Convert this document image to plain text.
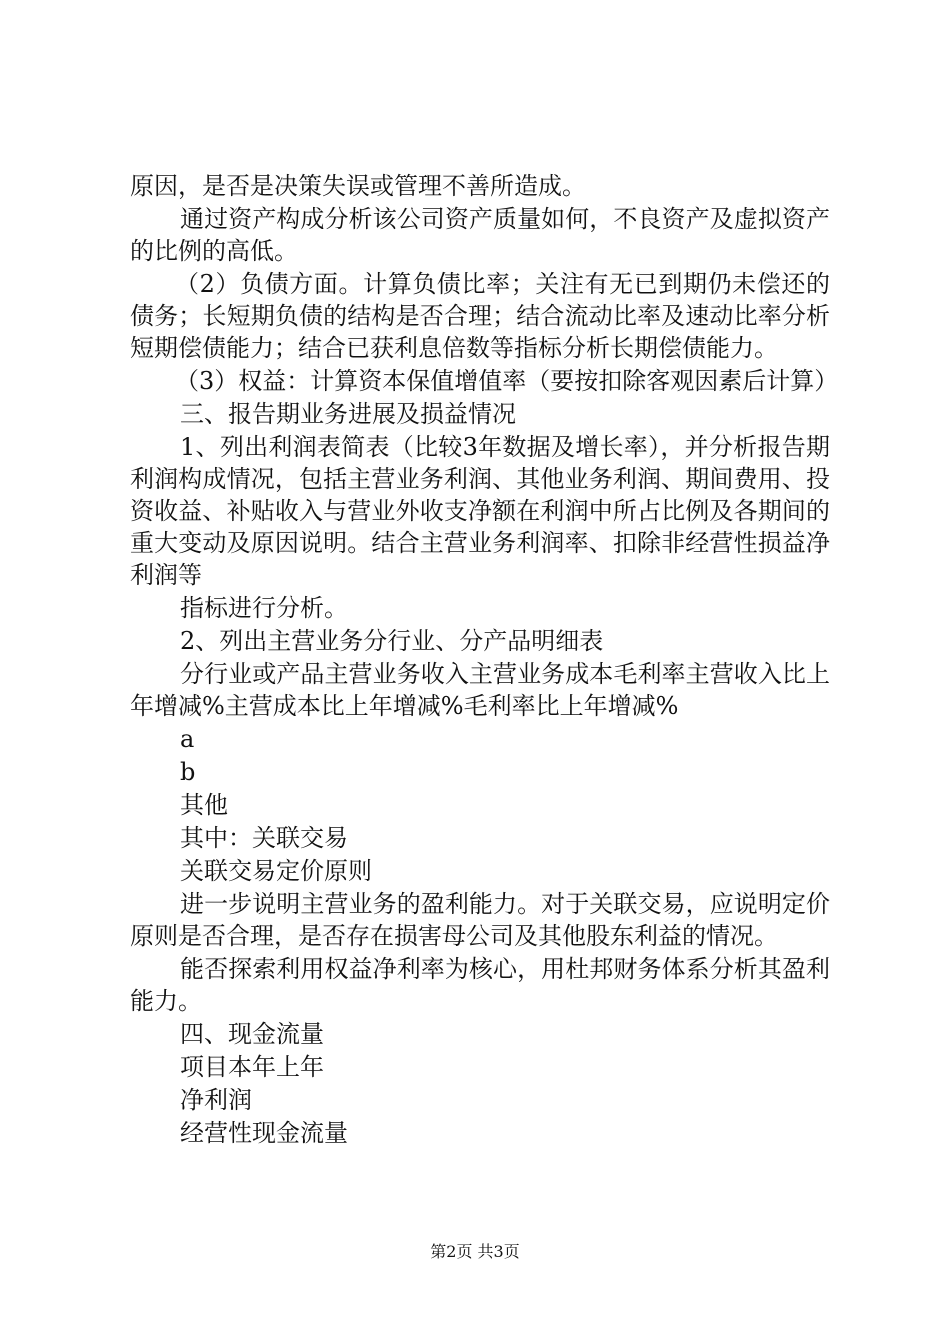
原因，是否是决策失误或管理不善所造成。

通过资产构成分析该公司资产质量如何，不良资产及虚拟资产的比例的高低。

（2）负债方面。计算负债比率；关注有无已到期仍未偿还的债务；长短期负债的结构是否合理；结合流动比率及速动比率分析短期偿债能力；结合已获利息倍数等指标分析长期偿债能力。

（3）权益：计算资本保值增值率（要按扣除客观因素后计算）

三、报告期业务进展及损益情况

1、列出利润表简表（比较3年数据及增长率），并分析报告期利润构成情况，包括主营业务利润、其他业务利润、期间费用、投资收益、补贴收入与营业外收支净额在利润中所占比例及各期间的重大变动及原因说明。结合主营业务利润率、扣除非经营性损益净利润等

指标进行分析。

2、列出主营业务分行业、分产品明细表

分行业或产品主营业务收入主营业务成本毛利率主营收入比上年增减%主营成本比上年增减%毛利率比上年增减%

a

b

其他

其中：关联交易

关联交易定价原则

进一步说明主营业务的盈利能力。对于关联交易，应说明定价原则是否合理，是否存在损害母公司及其他股东利益的情况。

能否探索利用权益净利率为核心，用杜邦财务体系分析其盈利能力。

四、现金流量

项目本年上年

净利润

经营性现金流量

第2页 共3页
